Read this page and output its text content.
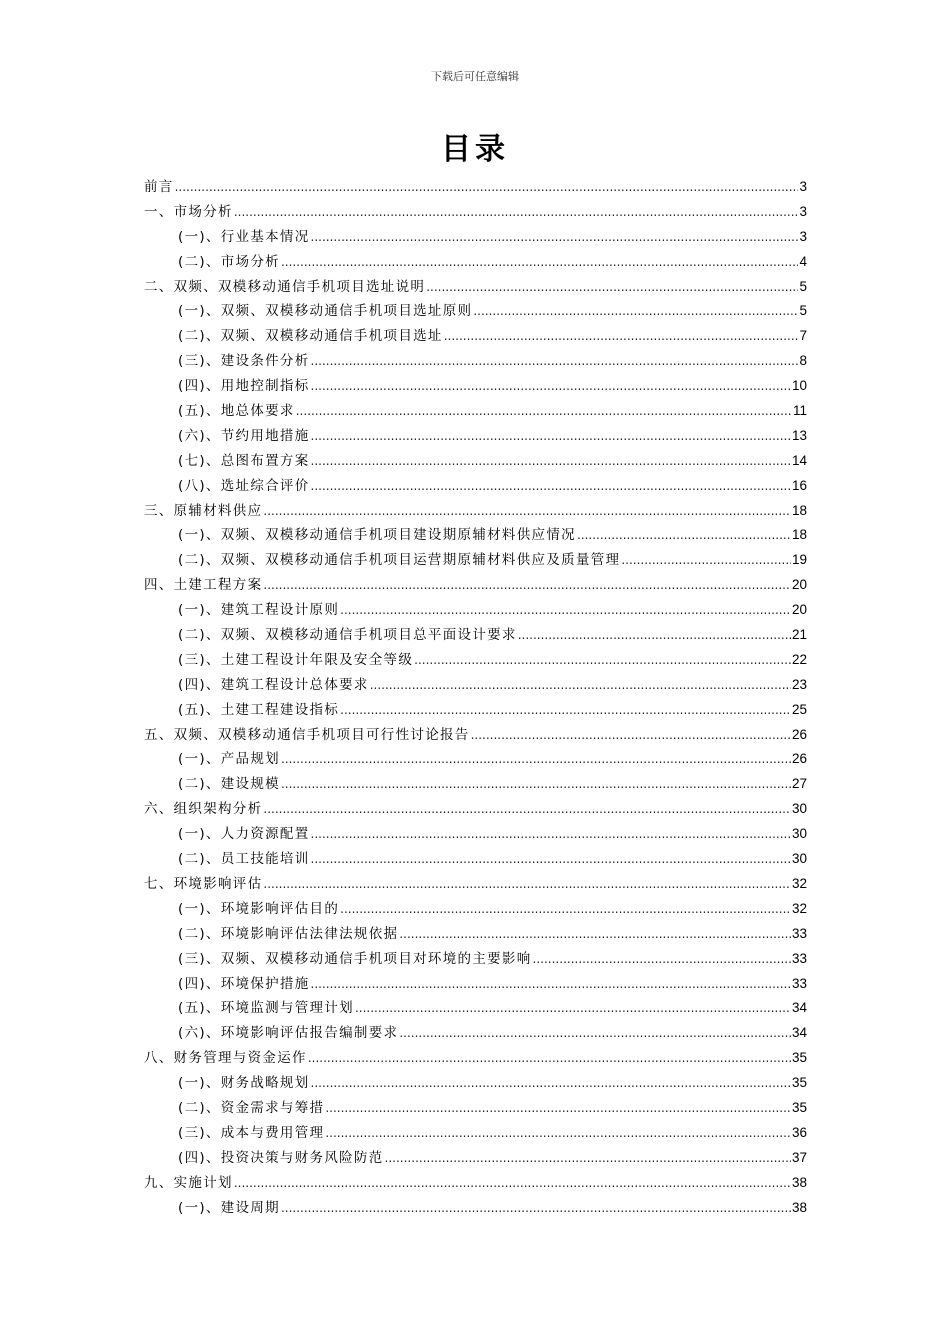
下载后可任意编辑
目录
前言 .....	3
一、市场分析 .....	3
(一)、行业基本情况 .....	3
(二)、市场分析 .....	4
二、双频、双模移动通信手机项目选址说明 .....	5
(一)、双频、双模移动通信手机项目选址原则 .....	5
(二)、双频、双模移动通信手机项目选址 .....	7
(三)、建设条件分析 .....	8
(四)、用地控制指标 .....	10
(五)、地总体要求 .....	11
(六)、节约用地措施 .....	13
(七)、总图布置方案 .....	14
(八)、选址综合评价 .....	16
三、原辅材料供应 .....	18
(一)、双频、双模移动通信手机项目建设期原辅材料供应情况 .....	18
(二)、双频、双模移动通信手机项目运营期原辅材料供应及质量管理 .....	19
四、土建工程方案 .....	20
(一)、建筑工程设计原则 .....	20
(二)、双频、双模移动通信手机项目总平面设计要求 .....	21
(三)、土建工程设计年限及安全等级 .....	22
(四)、建筑工程设计总体要求 .....	23
(五)、土建工程建设指标 .....	25
五、双频、双模移动通信手机项目可行性讨论报告 .....	26
(一)、产品规划 .....	26
(二)、建设规模 .....	27
六、组织架构分析 .....	30
(一)、人力资源配置 .....	30
(二)、员工技能培训 .....	30
七、环境影响评估 .....	32
(一)、环境影响评估目的 .....	32
(二)、环境影响评估法律法规依据 .....	33
(三)、双频、双模移动通信手机项目对环境的主要影响 .....	33
(四)、环境保护措施 .....	33
(五)、环境监测与管理计划 .....	34
(六)、环境影响评估报告编制要求 .....	34
八、财务管理与资金运作 .....	35
(一)、财务战略规划 .....	35
(二)、资金需求与筹措 .....	35
(三)、成本与费用管理 .....	36
(四)、投资决策与财务风险防范 .....	37
九、实施计划 .....	38
(一)、建设周期 .....	38
